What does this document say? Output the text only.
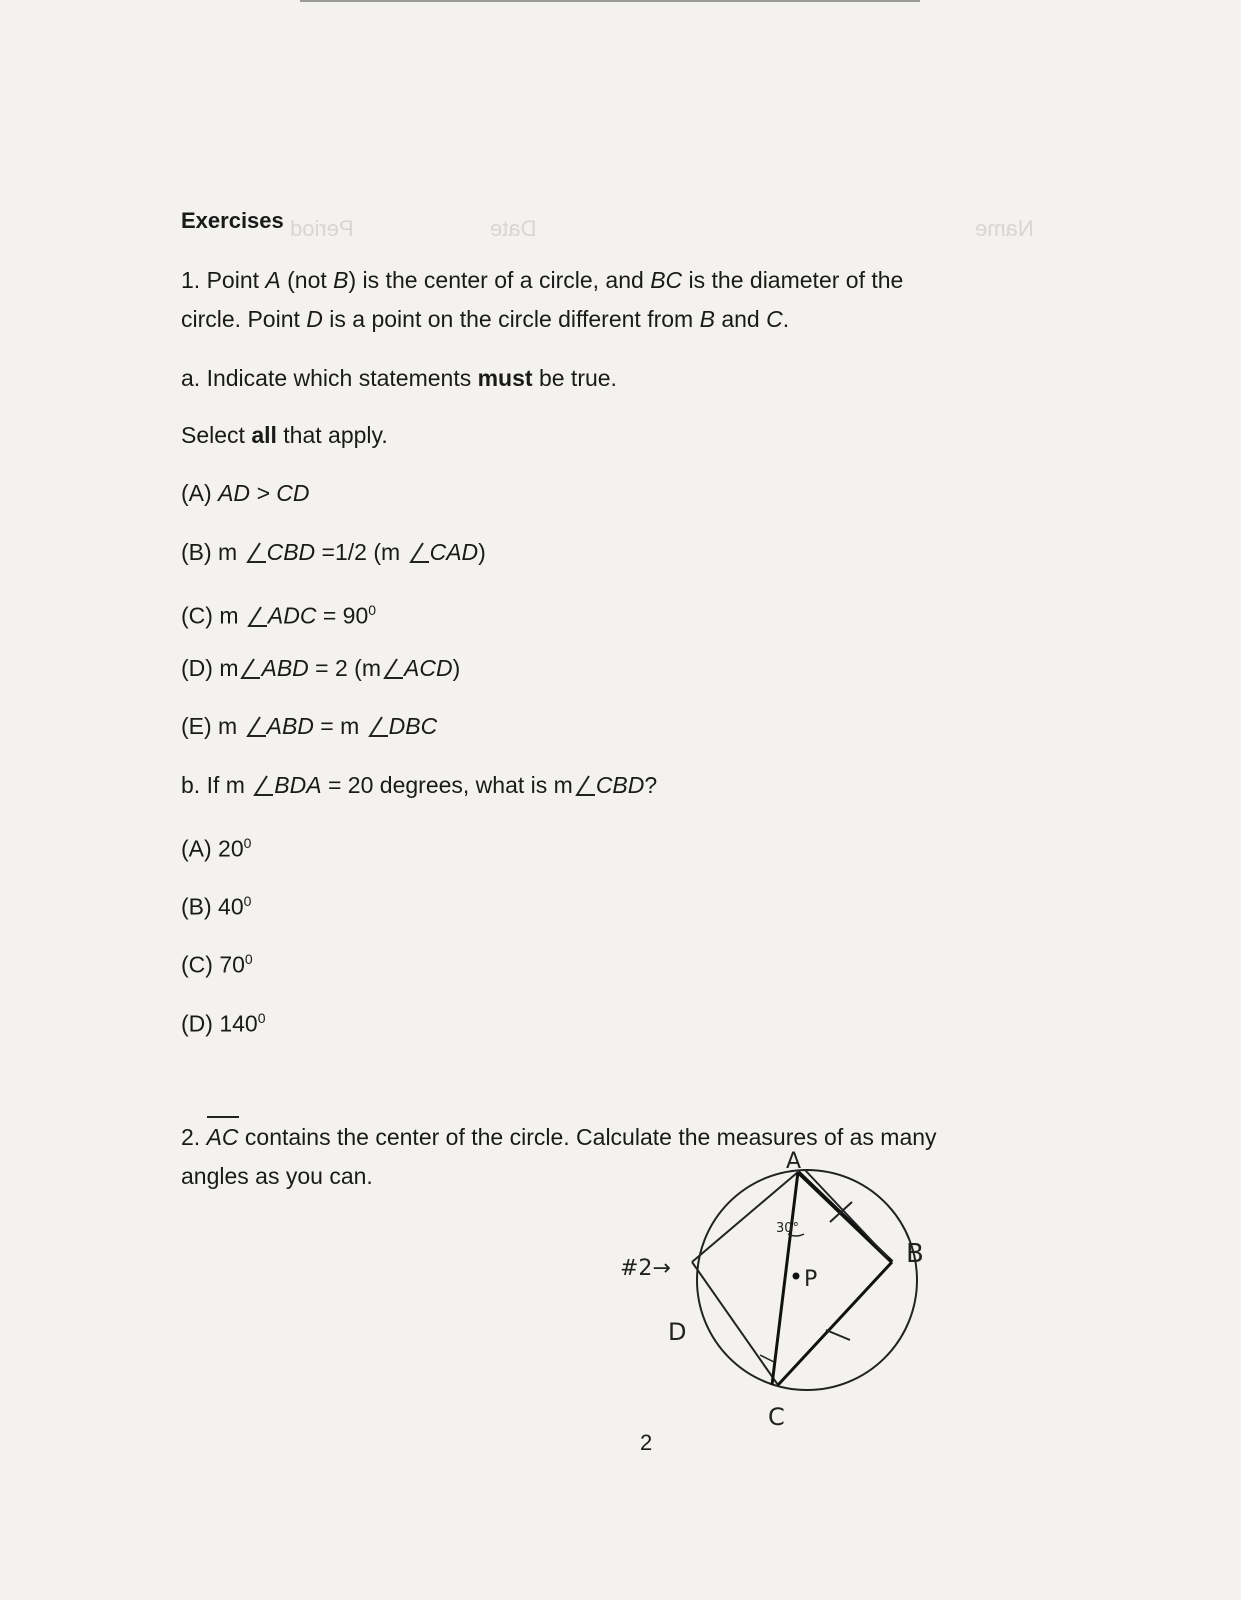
Name
Date
Period
Exercises
1. Point A (not B) is the center of a circle, and BC is the diameter of the
circle. Point D is a point on the circle different from B and C.
a. Indicate which statements must be true.
Select all that apply.
(A) AD > CD
(B) m
CBD =1/2 (m
CAD)
(C) m
ADC = $90^0$
(D) m ABD = 2 (m ACD)
(E) m
ABD = m
DBC
b. If m
BDA = 20 degrees, what is m CBD?
(A) $20^0$
(B) $40^0$
(C) $70^0$
(D) $140^0$
2.
AC contains the center of the circle. Calculate the measures of as many
angles as you can.
A
B
C
D
P
30°
#2→
2
